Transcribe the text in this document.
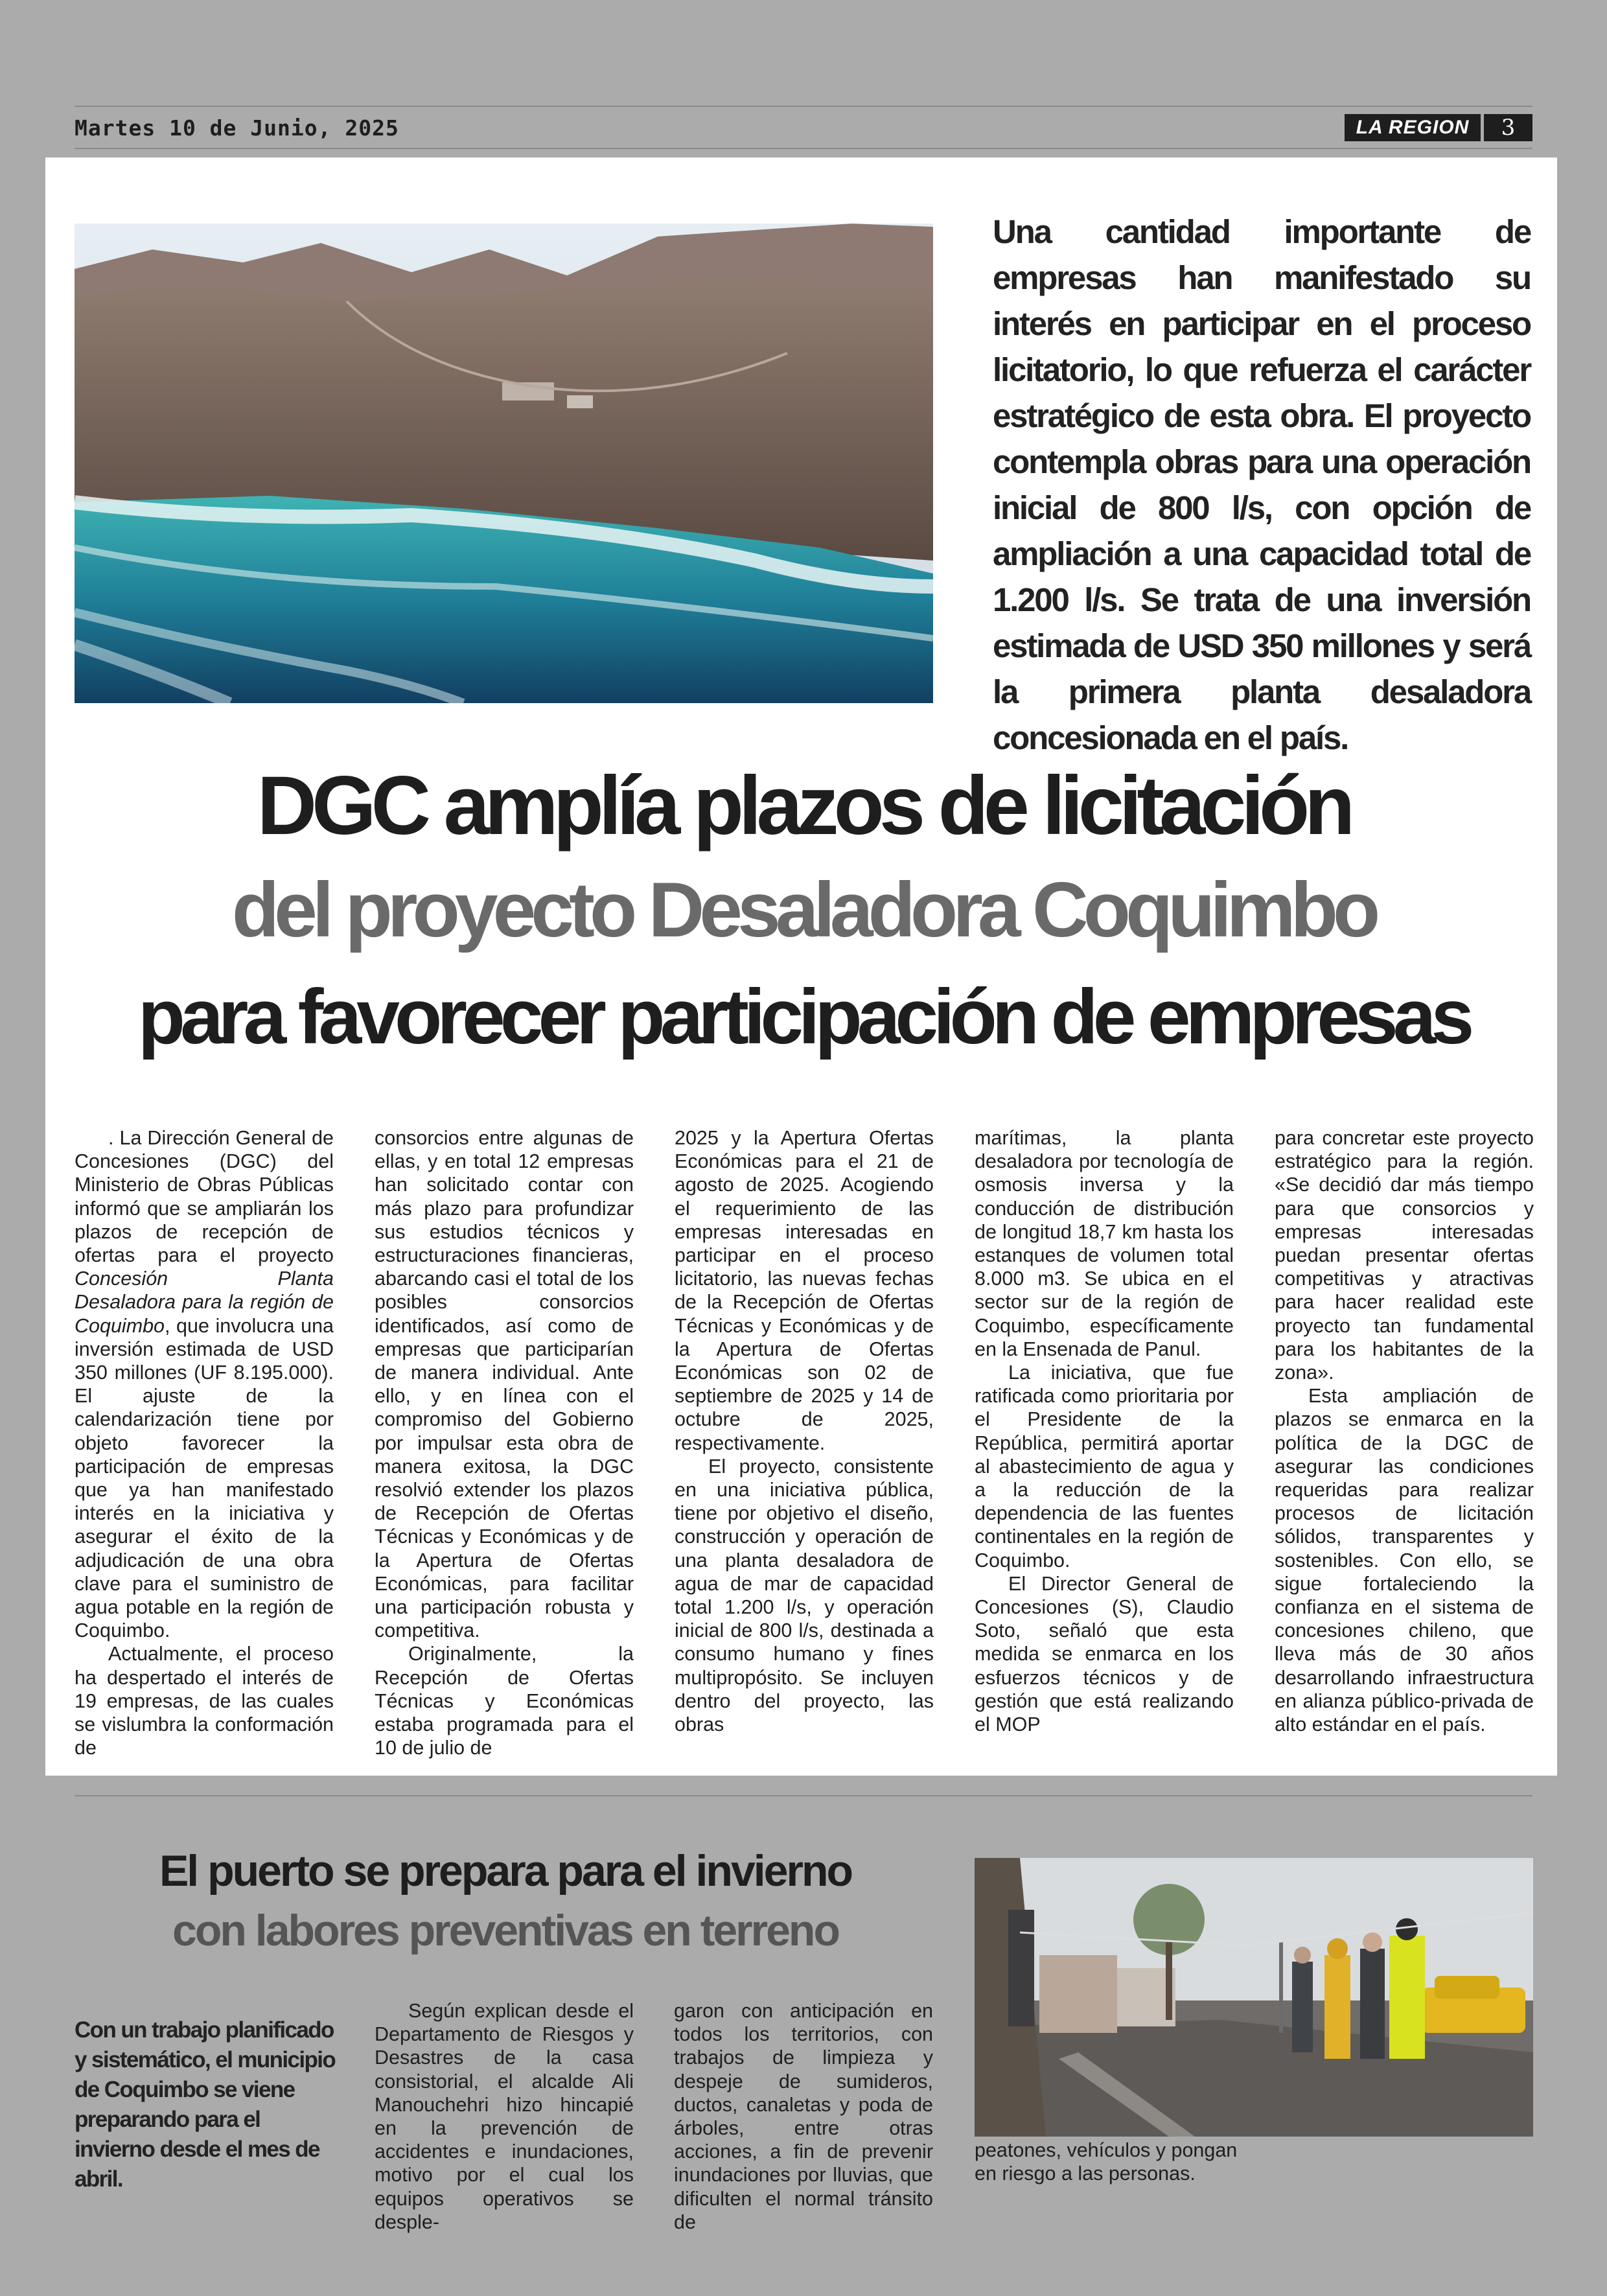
Martes 10 de Junio, 2025	LA REGION	3
Una cantidad importante de empresas han manifestado su interés en participar en el proceso licitatorio, lo que refuerza el carácter estratégico de esta obra. El proyecto contempla obras para una operación inicial de 800 l/s, con opción de ampliación a una capacidad total de 1.200 l/s. Se trata de una inversión estimada de USD 350 millones y será la primera planta desaladora concesionada en el país.
DGC amplía plazos de licitación
del proyecto Desaladora Coquimbo
para favorecer participación de empresas

. La Dirección General de Concesiones (DGC) del Ministerio de Obras Públicas informó que se ampliarán los plazos de recepción de ofertas para el proyecto Concesión Planta Desaladora para la región de Coquimbo, que involucra una inversión estimada de USD 350 millones (UF 8.195.000). El ajuste de la calendarización tiene por objeto favorecer la participación de empresas que ya han manifestado interés en la iniciativa y asegurar el éxito de la adjudicación de una obra clave para el suministro de agua potable en la región de Coquimbo.

Actualmente, el proceso ha despertado el interés de 19 empresas, de las cuales se vislumbra la conformación de

consorcios entre algunas de ellas, y en total 12 empresas han solicitado contar con más plazo para profundizar sus estudios técnicos y estructuraciones financieras, abarcando casi el total de los posibles consorcios identificados, así como de empresas que participarían de manera individual. Ante ello, y en línea con el compromiso del Gobierno por impulsar esta obra de manera exitosa, la DGC resolvió extender los plazos de Recepción de Ofertas Técnicas y Económicas y de la Apertura de Ofertas Económicas, para facilitar una participación robusta y competitiva.

Originalmente, la Recepción de Ofertas Técnicas y Económicas estaba programada para el 10 de julio de

2025 y la Apertura Ofertas Económicas para el 21 de agosto de 2025. Acogiendo el requerimiento de las empresas interesadas en participar en el proceso licitatorio, las nuevas fechas de la Recepción de Ofertas Técnicas y Económicas y de la Apertura de Ofertas Económicas son 02 de septiembre de 2025 y 14 de octubre de 2025, respectivamente.

El proyecto, consistente en una iniciativa pública, tiene por objetivo el diseño, construcción y operación de una planta desaladora de agua de mar de capacidad total 1.200 l/s, y operación inicial de 800 l/s, destinada a consumo humano y fines multipropósito. Se incluyen dentro del proyecto, las obras

marítimas, la planta desaladora por tecnología de osmosis inversa y la conducción de distribución de longitud 18,7 km hasta los estanques de volumen total 8.000 m3. Se ubica en el sector sur de la región de Coquimbo, específicamente en la Ensenada de Panul.

La iniciativa, que fue ratificada como prioritaria por el Presidente de la República, permitirá aportar al abastecimiento de agua y a la reducción de la dependencia de las fuentes continentales en la región de Coquimbo.

El Director General de Concesiones (S), Claudio Soto, señaló que esta medida se enmarca en los esfuerzos técnicos y de gestión que está realizando el MOP

para concretar este proyecto estratégico para la región. «Se decidió dar más tiempo para que consorcios y empresas interesadas puedan presentar ofertas competitivas y atractivas para hacer realidad este proyecto tan fundamental para los habitantes de la zona».

Esta ampliación de plazos se enmarca en la política de la DGC de asegurar las condiciones requeridas para realizar procesos de licitación sólidos, transparentes y sostenibles. Con ello, se sigue fortaleciendo la confianza en el sistema de concesiones chileno, que lleva más de 30 años desarrollando infraestructura en alianza público-privada de alto estándar en el país.

El puerto se prepara para el invierno
con labores preventivas en terreno
Con un trabajo planificado y sistemático, el municipio de Coquimbo se viene preparando para el invierno desde el mes de abril.

Según explican desde el Departamento de Riesgos y Desastres de la casa consistorial, el alcalde Ali Manouchehri hizo hincapié en la prevención de accidentes e inundaciones, motivo por el cual los equipos operativos se desple-

garon con anticipación en todos los territorios, con trabajos de limpieza y despeje de sumideros, ductos, canaletas y poda de árboles, entre otras acciones, a fin de prevenir inundaciones por lluvias, que dificulten el normal tránsito de

peatones, vehículos y pongan en riesgo a las personas.
